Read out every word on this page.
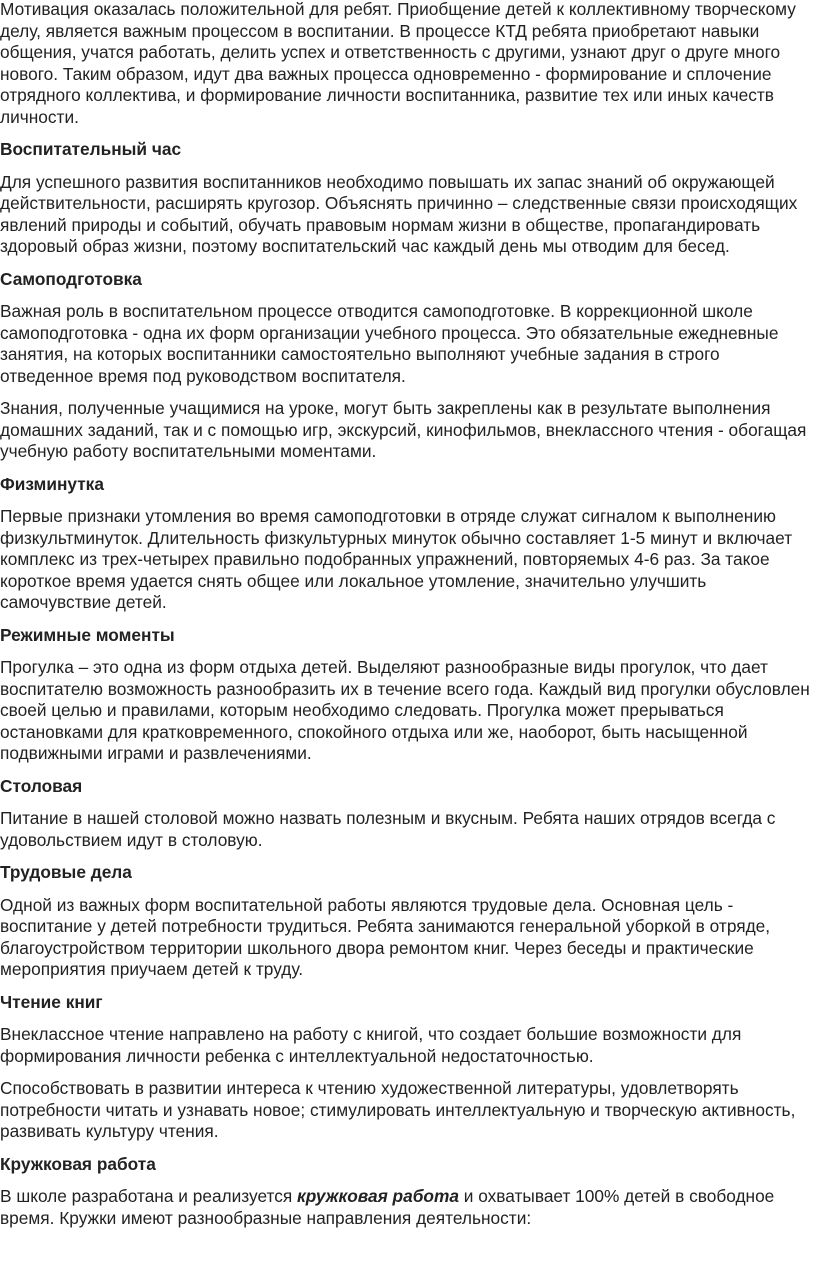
Мотивация оказалась положительной для ребят. Приобщение детей к коллективному творческому делу, является важным процессом в воспитании. В процессе КТД ребята приобретают навыки общения, учатся работать, делить успех и ответственность с другими, узнают друг о друге много нового. Таким образом, идут два важных процесса одновременно - формирование и сплочение отрядного коллектива, и формирование личности воспитанника, развитие тех или иных качеств личности.

Воспитательный час

Для успешного развития воспитанников необходимо повышать их запас знаний об окружающей действительности, расширять кругозор. Объяснять причинно – следственные связи происходящих явлений природы и событий, обучать правовым нормам жизни в обществе, пропагандировать здоровый образ жизни, поэтому воспитательский час каждый день мы отводим для бесед.

Самоподготовка

Важная роль в воспитательном процессе отводится самоподготовке. В коррекционной школе самоподготовка - одна их форм организации учебного процесса. Это обязательные ежедневные занятия, на которых воспитанники самостоятельно выполняют учебные задания в строго отведенное время под руководством воспитателя.

Знания, полученные учащимися на уроке, могут быть закреплены как в результате выполнения домашних заданий, так и с помощью игр, экскурсий, кинофильмов, внеклассного чтения - обогащая учебную работу воспитательными моментами.

Физминутка

Первые признаки утомления во время самоподготовки в отряде служат сигналом к выполнению физкультминуток. Длительность физкультурных минуток обычно составляет 1-5 минут и включает комплекс из трех-четырех правильно подобранных упражнений, повторяемых 4-6 раз. За такое короткое время удается снять общее или локальное утомление, значительно улучшить самочувствие детей.

Режимные моменты

Прогулка – это одна из форм отдыха детей. Выделяют разнообразные виды прогулок, что дает воспитателю возможность разнообразить их в течение всего года. Каждый вид прогулки обусловлен своей целью и правилами, которым необходимо следовать. Прогулка может прерываться остановками для кратковременного, спокойного отдыха или же, наоборот, быть насыщенной подвижными играми и развлечениями.

Столовая

Питание в нашей столовой можно назвать полезным и вкусным. Ребята наших отрядов всегда с удовольствием идут в столовую.

Трудовые дела

Одной из важных форм воспитательной работы являются трудовые дела. Основная цель - воспитание у детей потребности трудиться. Ребята занимаются генеральной уборкой в отряде, благоустройством территории школьного двора ремонтом книг. Через беседы и практические мероприятия приучаем детей к труду.

Чтение книг

Внеклассное чтение направлено на работу с книгой, что создает большие возможности для формирования личности ребенка с интеллектуальной недостаточностью.

Способствовать в развитии интереса к чтению художественной литературы, удовлетворять потребности читать и узнавать новое; стимулировать интеллектуальную и творческую активность, развивать культуру чтения.

Кружковая работа

В школе разработана и реализуется кружковая работа и охватывает 100% детей в свободное время. Кружки имеют разнообразные направления деятельности:
